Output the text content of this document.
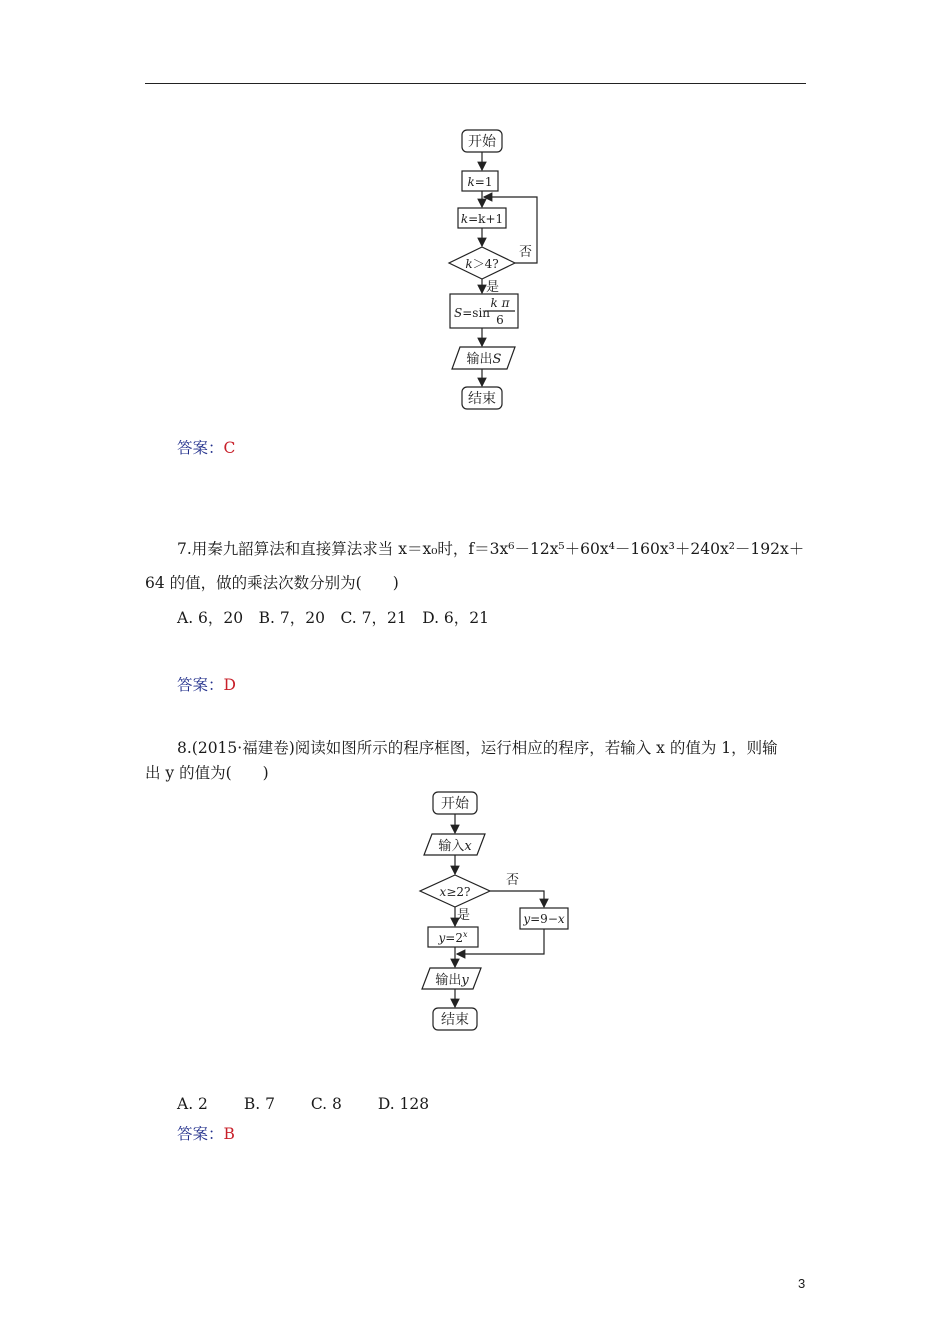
开始
k=1
k=k+1
k＞4?
否
是
S=sin
k π
6
输出S
结束
答案：C
7.用秦九韶算法和直接算法求当 x＝x₀时，f＝3x⁶－12x⁵＋60x⁴－160x³＋240x²－192x＋
64 的值，做的乘法次数分别为(　　)
A. 6，20　B. 7，20　C. 7，21　D. 6，21
答案：D
8.(2015·福建卷)阅读如图所示的程序框图，运行相应的程序，若输入 x 的值为 1，则输
出 y 的值为(　　)
开始
输入x
x≥2?
否
是
$y=2^x$
y=9−x
输出y
结束
A. 2　　 B. 7　　 C. 8　　 D. 128
答案：B
3
